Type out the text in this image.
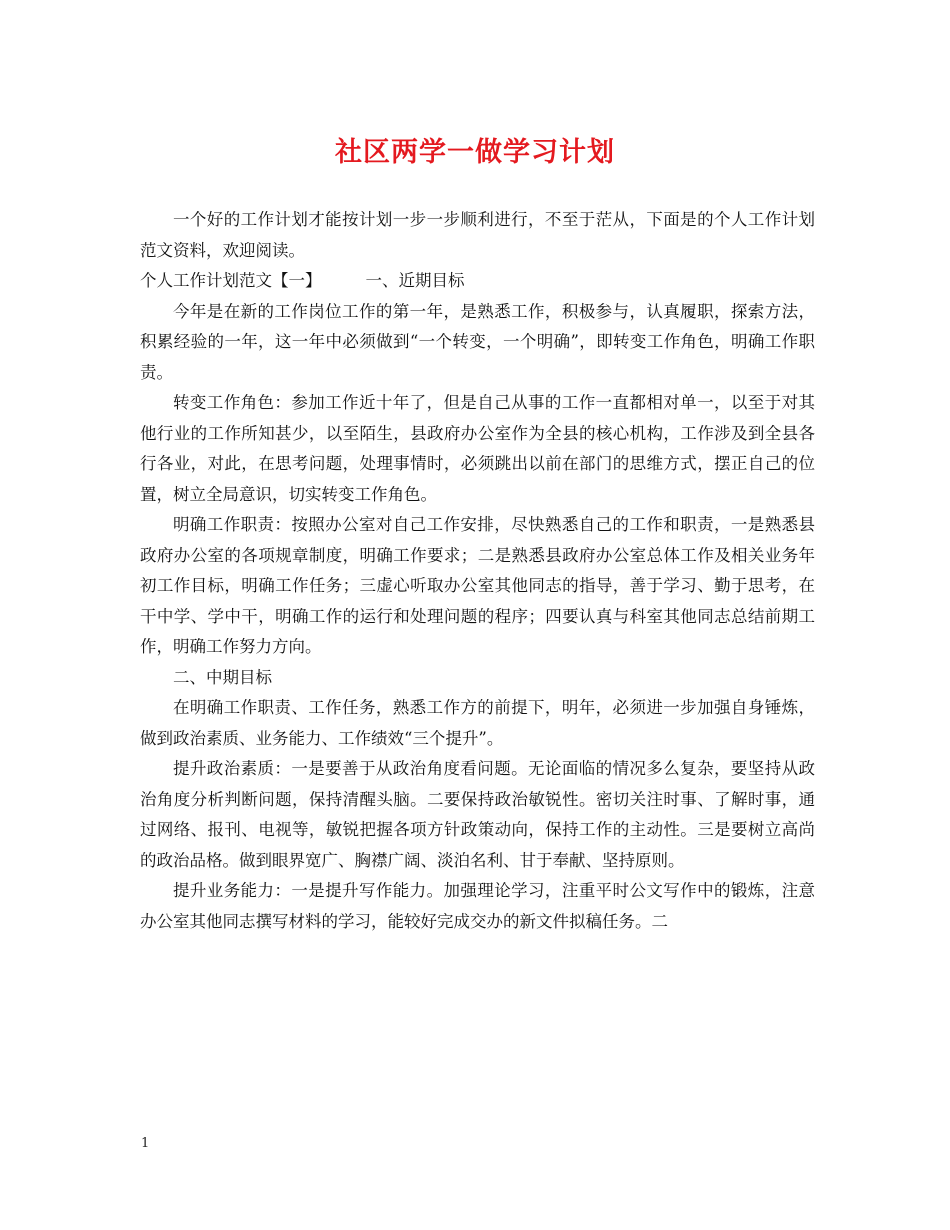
社区两学一做学习计划

一个好的工作计划才能按计划一步一步顺利进行，不至于茫从，下面是的个人工作计划范文资料，欢迎阅读。

个人工作计划范文【一】	一、近期目标

今年是在新的工作岗位工作的第一年，是熟悉工作，积极参与，认真履职，探索方法，积累经验的一年，这一年中必须做到“一个转变，一个明确”，即转变工作角色，明确工作职责。

转变工作角色：参加工作近十年了，但是自己从事的工作一直都相对单一，以至于对其他行业的工作所知甚少，以至陌生，县政府办公室作为全县的核心机构，工作涉及到全县各行各业，对此，在思考问题，处理事情时，必须跳出以前在部门的思维方式，摆正自己的位置，树立全局意识，切实转变工作角色。

明确工作职责：按照办公室对自己工作安排，尽快熟悉自己的工作和职责，一是熟悉县政府办公室的各项规章制度，明确工作要求；二是熟悉县政府办公室总体工作及相关业务年初工作目标，明确工作任务；三虚心听取办公室其他同志的指导，善于学习、勤于思考，在干中学、学中干，明确工作的运行和处理问题的程序；四要认真与科室其他同志总结前期工作，明确工作努力方向。

二、中期目标

在明确工作职责、工作任务，熟悉工作方的前提下，明年，必须进一步加强自身锤炼，做到政治素质、业务能力、工作绩效“三个提升”。

提升政治素质：一是要善于从政治角度看问题。无论面临的情况多么复杂，要坚持从政治角度分析判断问题，保持清醒头脑。二要保持政治敏锐性。密切关注时事、了解时事，通过网络、报刊、电视等，敏锐把握各项方针政策动向，保持工作的主动性。三是要树立高尚的政治品格。做到眼界宽广、胸襟广阔、淡泊名利、甘于奉献、坚持原则。

提升业务能力：一是提升写作能力。加强理论学习，注重平时公文写作中的锻炼，注意办公室其他同志撰写材料的学习，能较好完成交办的新文件拟稿任务。二

1
